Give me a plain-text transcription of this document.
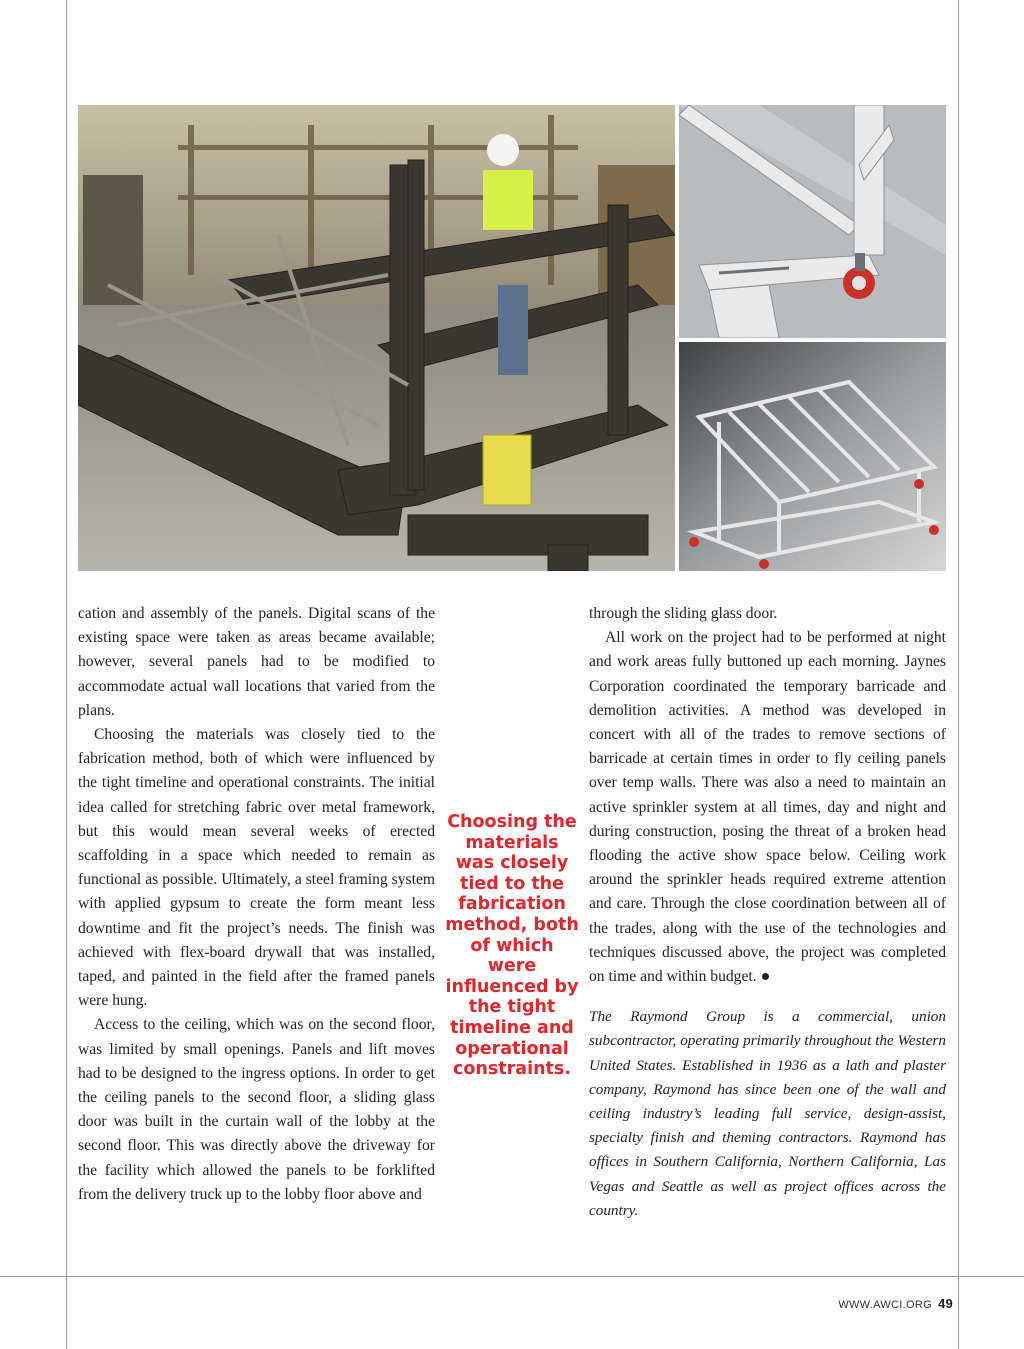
cation and assembly of the panels. Digital scans of the existing space were taken as areas became available; however, several panels had to be modified to accommodate actual wall locations that varied from the plans.

Choosing the materials was closely tied to the fabrication method, both of which were influenced by the tight timeline and operational constraints. The initial idea called for stretching fabric over metal framework, but this would mean several weeks of erected scaffolding in a space which needed to remain as functional as possible. Ultimately, a steel framing system with applied gypsum to create the form meant less downtime and fit the project’s needs. The finish was achieved with flex-board drywall that was installed, taped, and painted in the field after the framed panels were hung.

Access to the ceiling, which was on the second floor, was limited by small openings. Panels and lift moves had to be designed to the ingress options. In order to get the ceiling panels to the second floor, a sliding glass door was built in the curtain wall of the lobby at the second floor. This was directly above the driveway for the facility which allowed the panels to be forklifted from the delivery truck up to the lobby floor above and

Choosing the materials was closely tied to the fabrication method, both of which were influenced by the tight timeline and operational constraints.

through the sliding glass door.

All work on the project had to be performed at night and work areas fully buttoned up each morning. Jaynes Corporation coordinated the temporary barricade and demolition activities. A method was developed in concert with all of the trades to remove sections of barricade at certain times in order to fly ceiling panels over temp walls. There was also a need to maintain an active sprinkler system at all times, day and night and during construction, posing the threat of a broken head flooding the active show space below. Ceiling work around the sprinkler heads required extreme attention and care. Through the close coordination between all of the trades, along with the use of the technologies and techniques discussed above, the project was completed on time and within budget.

The Raymond Group is a commercial, union subcontractor, operating primarily throughout the Western United States. Established in 1936 as a lath and plaster company, Raymond has since been one of the wall and ceiling industry’s leading full service, design-assist, specialty finish and theming contractors. Raymond has offices in Southern California, Northern California, Las Vegas and Seattle as well as project offices across the country.

WWW.AWCI.ORG 49
